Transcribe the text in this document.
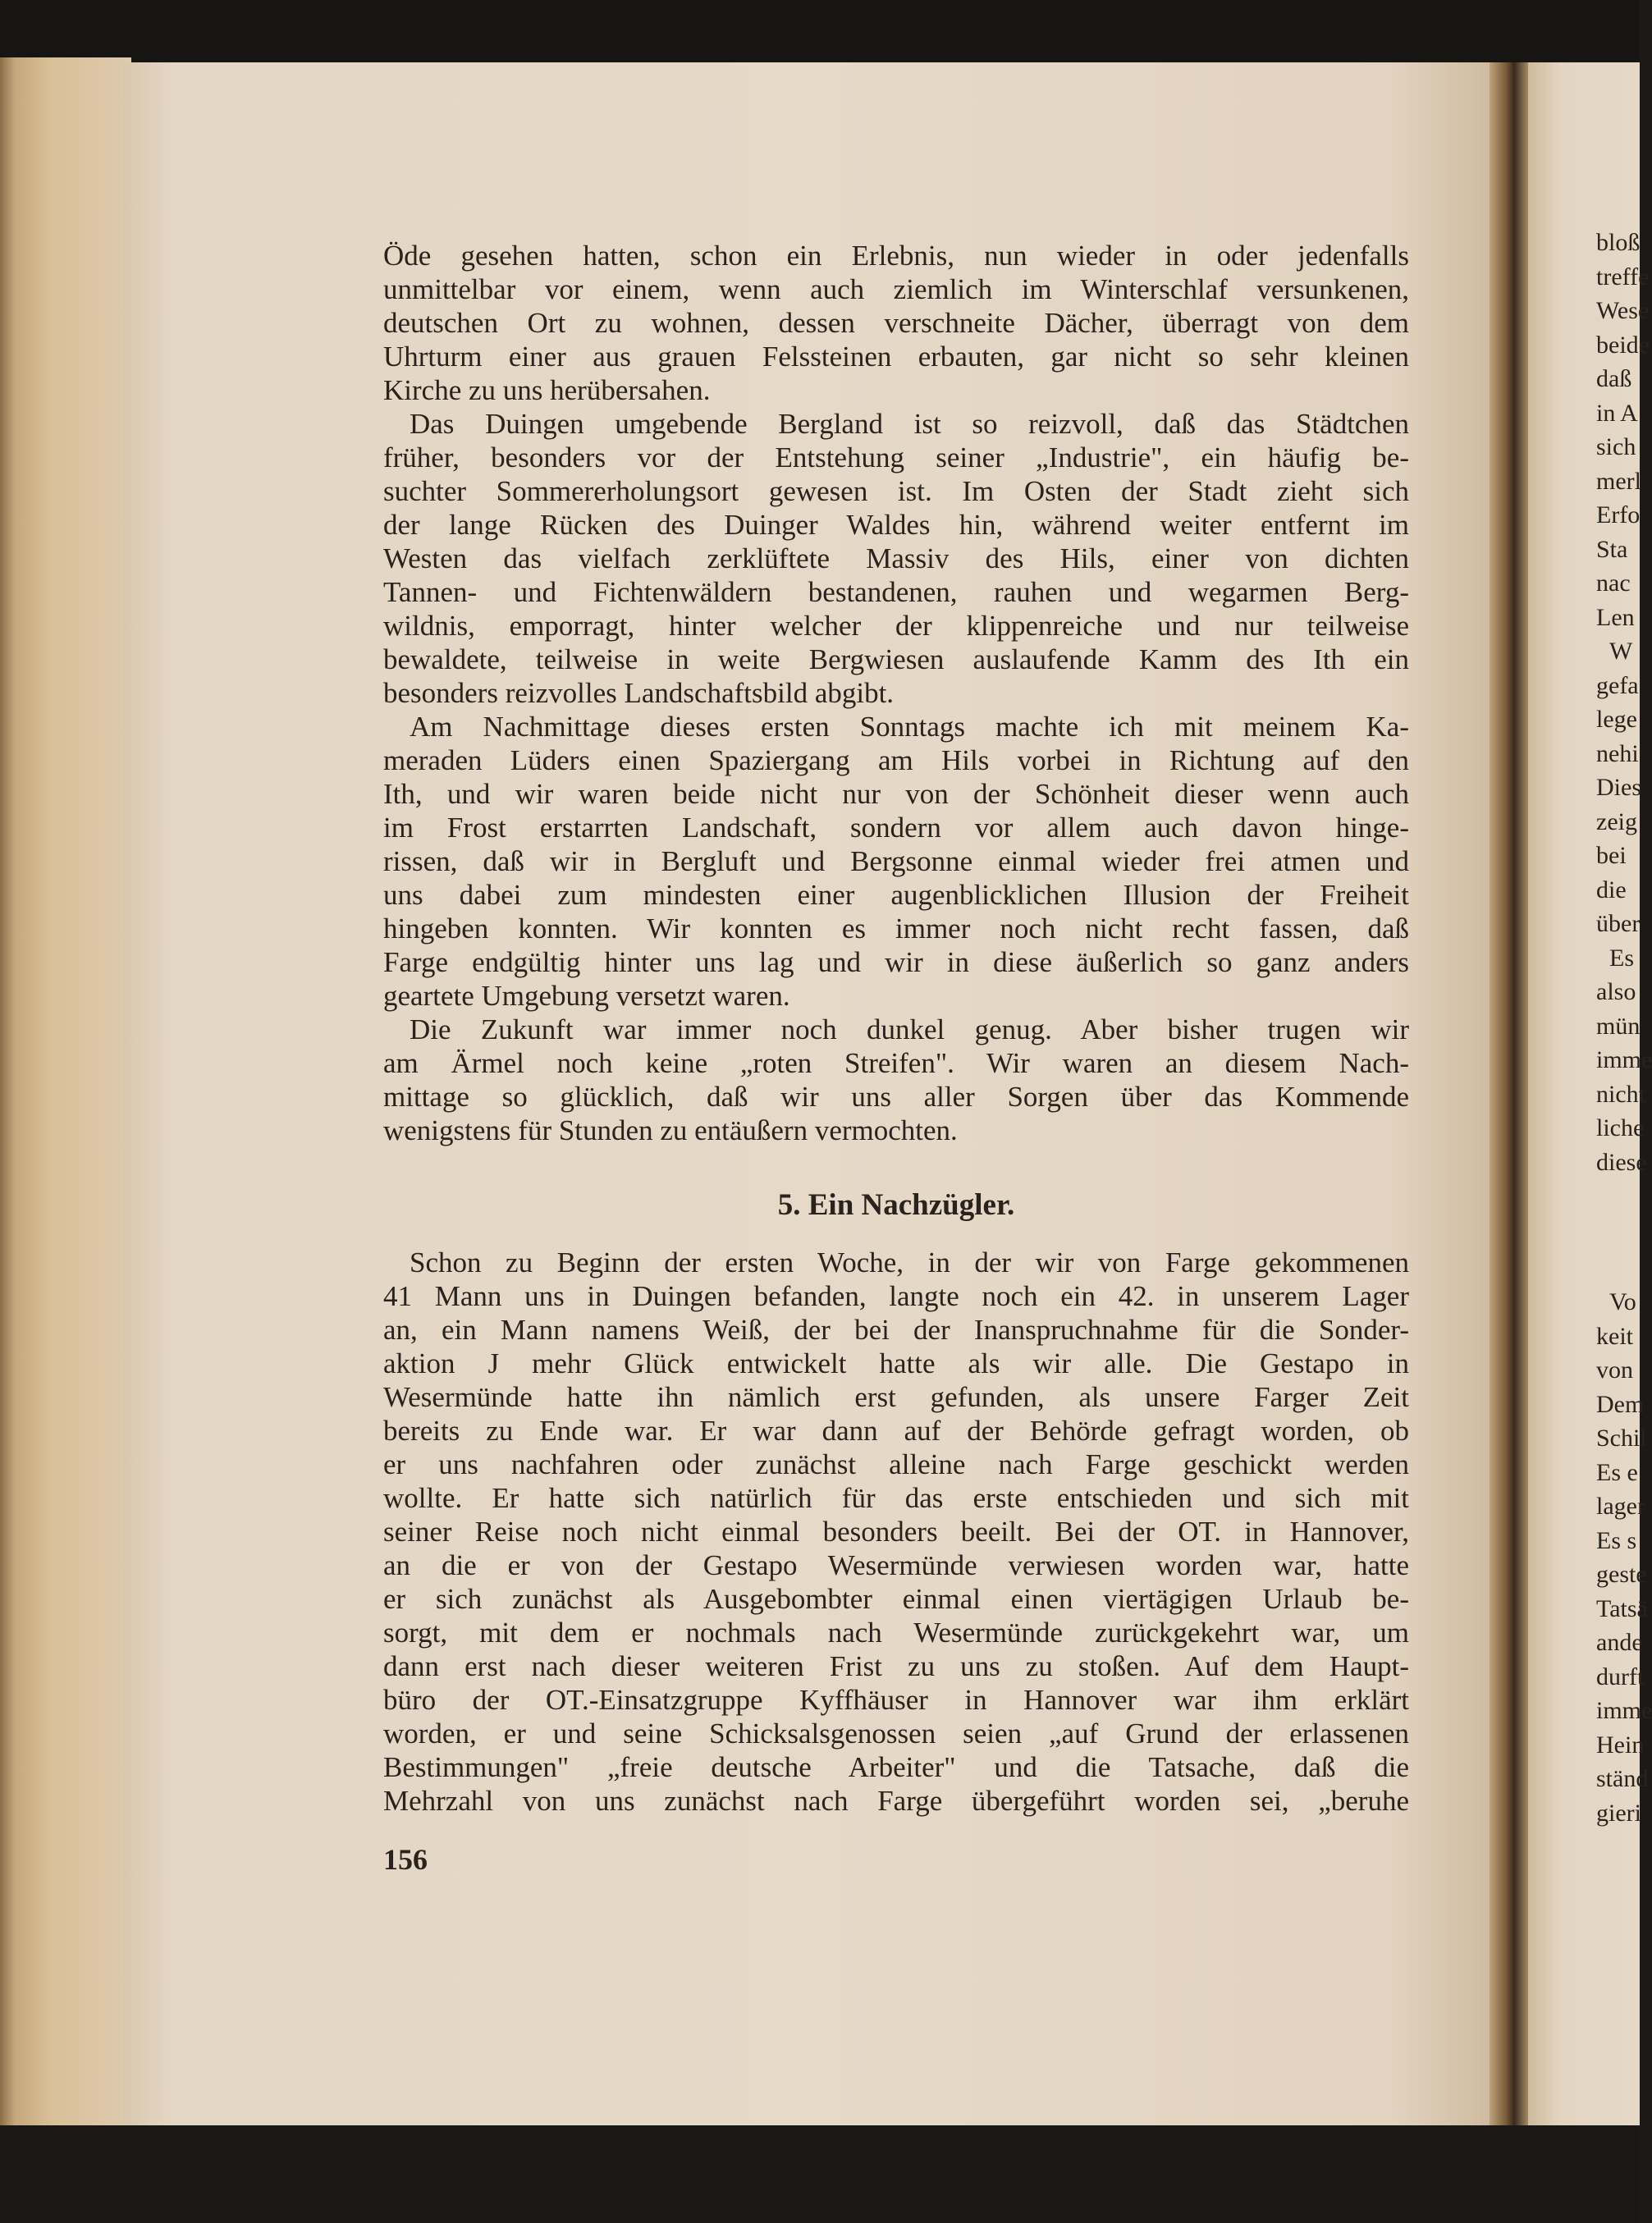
Öde gesehen hatten, schon ein Erlebnis, nun wieder in oder jedenfalls
unmittelbar vor einem, wenn auch ziemlich im Winterschlaf versunkenen,
deutschen Ort zu wohnen, dessen verschneite Dächer, überragt von dem
Uhrturm einer aus grauen Felssteinen erbauten, gar nicht so sehr kleinen
Kirche zu uns herübersahen.
Das Duingen umgebende Bergland ist so reizvoll, daß das Städtchen
früher, besonders vor der Entstehung seiner „Industrie", ein häufig be-
suchter Sommererholungsort gewesen ist. Im Osten der Stadt zieht sich
der lange Rücken des Duinger Waldes hin, während weiter entfernt im
Westen das vielfach zerklüftete Massiv des Hils, einer von dichten
Tannen- und Fichtenwäldern bestandenen, rauhen und wegarmen Berg-
wildnis, emporragt, hinter welcher der klippenreiche und nur teilweise
bewaldete, teilweise in weite Bergwiesen auslaufende Kamm des Ith ein
besonders reizvolles Landschaftsbild abgibt.
Am Nachmittage dieses ersten Sonntags machte ich mit meinem Ka-
meraden Lüders einen Spaziergang am Hils vorbei in Richtung auf den
Ith, und wir waren beide nicht nur von der Schönheit dieser wenn auch
im Frost erstarrten Landschaft, sondern vor allem auch davon hinge-
rissen, daß wir in Bergluft und Bergsonne einmal wieder frei atmen und
uns dabei zum mindesten einer augenblicklichen Illusion der Freiheit
hingeben konnten. Wir konnten es immer noch nicht recht fassen, daß
Farge endgültig hinter uns lag und wir in diese äußerlich so ganz anders
geartete Umgebung versetzt waren.
Die Zukunft war immer noch dunkel genug. Aber bisher trugen wir
am Ärmel noch keine „roten Streifen". Wir waren an diesem Nach-
mittage so glücklich, daß wir uns aller Sorgen über das Kommende
wenigstens für Stunden zu entäußern vermochten.
5. Ein Nachzügler.
Schon zu Beginn der ersten Woche, in der wir von Farge gekommenen
41 Mann uns in Duingen befanden, langte noch ein 42. in unserem Lager
an, ein Mann namens Weiß, der bei der Inanspruchnahme für die Sonder-
aktion J mehr Glück entwickelt hatte als wir alle. Die Gestapo in
Wesermünde hatte ihn nämlich erst gefunden, als unsere Farger Zeit
bereits zu Ende war. Er war dann auf der Behörde gefragt worden, ob
er uns nachfahren oder zunächst alleine nach Farge geschickt werden
wollte. Er hatte sich natürlich für das erste entschieden und sich mit
seiner Reise noch nicht einmal besonders beeilt. Bei der OT. in Hannover,
an die er von der Gestapo Wesermünde verwiesen worden war, hatte
er sich zunächst als Ausgebombter einmal einen viertägigen Urlaub be-
sorgt, mit dem er nochmals nach Wesermünde zurückgekehrt war, um
dann erst nach dieser weiteren Frist zu uns zu stoßen. Auf dem Haupt-
büro der OT.-Einsatzgruppe Kyffhäuser in Hannover war ihm erklärt
worden, er und seine Schicksalsgenossen seien „auf Grund der erlassenen
Bestimmungen" „freie deutsche Arbeiter" und die Tatsache, daß die
Mehrzahl von uns zunächst nach Farge übergeführt worden sei, „beruhe
156
bloß
treffe
Wese
beide
daß
in A
sich
merl
Erfo
Sta
nac
Len
W
gefa
lege
nehi
Dies
zeig
bei
die
über
Es
also
mün
imme
nicht
liche
diese
Vo
keit
von
Dem
Schil
Es e
lager
Es s
geste
Tatsä
ande
durft
imme
Hein
ständ
gieri
